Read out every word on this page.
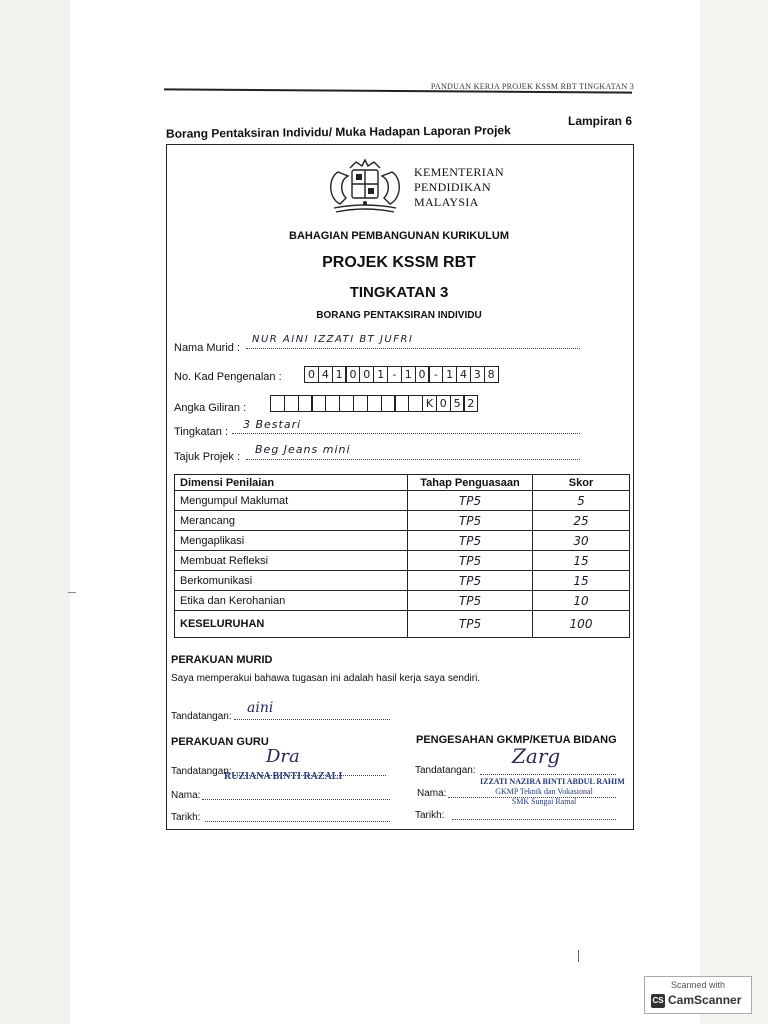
PANDUAN KERJA PROJEK KSSM RBT TINGKATAN 3
Lampiran 6
Borang Pentaksiran Individu/ Muka Hadapan Laporan Projek
KEMENTERIAN
PENDIDIKAN
MALAYSIA
BAHAGIAN PEMBANGUNAN KURIKULUM
PROJEK KSSM RBT
TINGKATAN 3
BORANG PENTAKSIRAN INDIVIDU
Nama Murid :
NUR AINI IZZATI BT JUFRI
No. Kad Pengenalan :	0 4 1 0 0 1 - 1 0 - 1 4 3 8
Angka Giliran :	K 0 5 2
Tingkatan :
3 Bestari
Tajuk Projek :
Beg Jeans mini
Dimensi Penilaian	Tahap Penguasaan	Skor
Mengumpul Maklumat	TP5	5
Merancang	TP5	25
Mengaplikasi	TP5	30
Membuat Refleksi	TP5	15
Berkomunikasi	TP5	15
Etika dan Kerohanian	TP5	10
KESELURUHAN	TP5	100
PERAKUAN MURID
Saya memperakui bahawa tugasan ini adalah hasil kerja saya sendiri.
Tandatangan:
aini
PERAKUAN GURU
Tandatangan:
Dra
RUZIANA BINTI RAZALI
Nama:
Tarikh:
PENGESAHAN GKMP/KETUA BIDANG
Tandatangan:
Zarg
IZZATI NAZIRA BINTI ABDUL RAHIM
GKMP Teknik dan Vokasional
SMK Sungai Ramal
Nama:
Tarikh:
Scanned with
CS CamScanner
